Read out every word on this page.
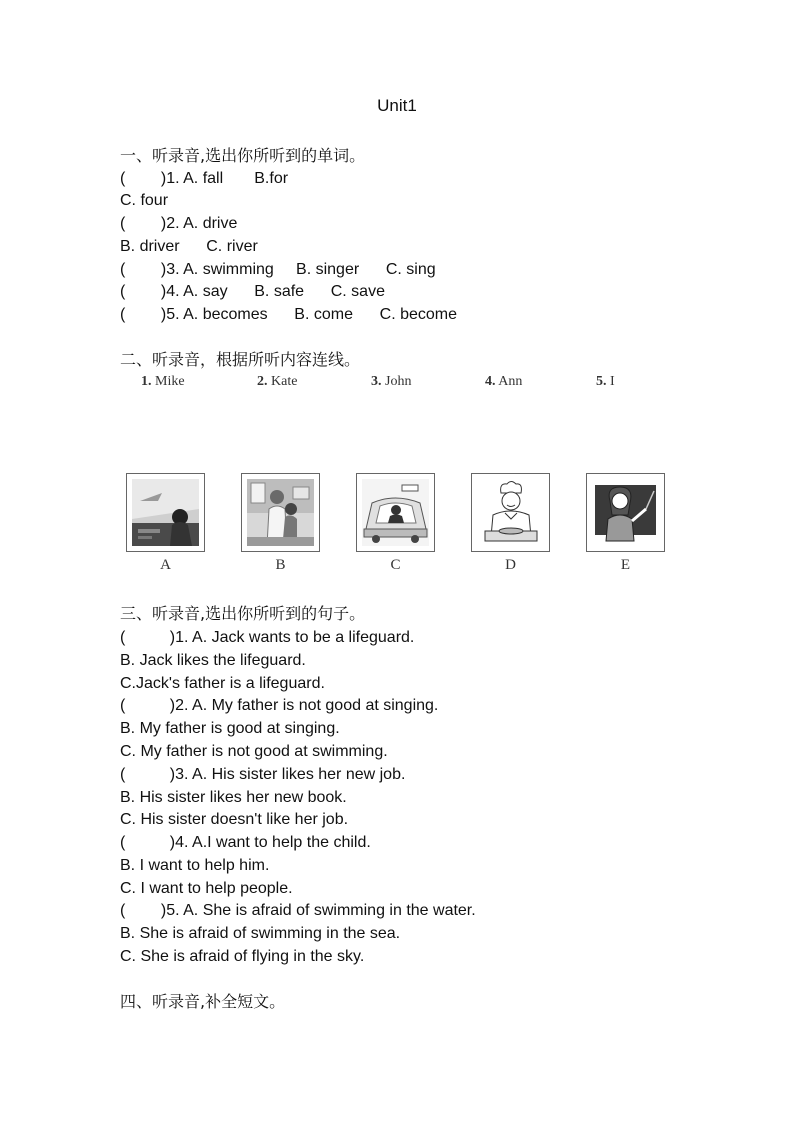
Unit1
一、听录音,选出你所听到的单词。
(        )1. A. fall       B.for
C. four
(        )2. A. drive
B. driver      C. river
(        )3. A. swimming     B. singer      C. sing
(        )4. A. say      B. safe      C. save
(        )5. A. becomes      B. come      C. become
二、听录音，根据所听内容连线。
1. Mike	2. Kate	3. John	4. Ann	5. I
A	B	C	D	E
三、听录音,选出你所听到的句子。
(          )1. A. Jack wants to be a lifeguard.
B. Jack likes the lifeguard.
C.Jack's father is a lifeguard.
(          )2. A. My father is not good at singing.
B. My father is good at singing.
C. My father is not good at swimming.
(          )3. A. His sister likes her new job.
B. His sister likes her new book.
C. His sister doesn't like her job.
(          )4. A.I want to help the child.
B. I want to help him.
C. I want to help people.
(        )5. A. She is afraid of swimming in the water.
B. She is afraid of swimming in the sea.
C. She is afraid of flying in the sky.
四、听录音,补全短文。
